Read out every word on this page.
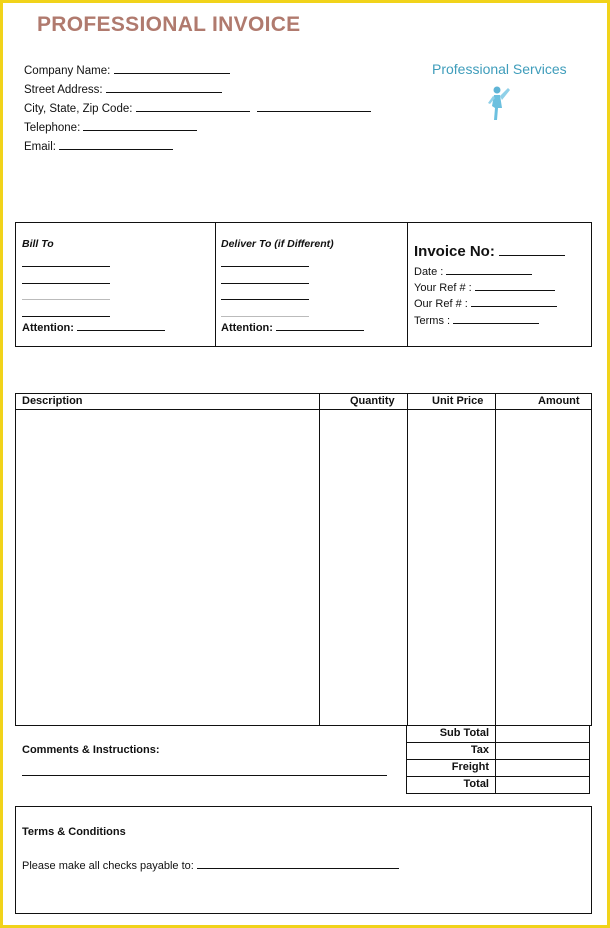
PROFESSIONAL INVOICE
Company Name:
Street Address:
City, State, Zip Code:
Telephone:
Email:
Professional Services
Bill To
Attention:
Deliver To (if Different)
Attention:
Invoice No:
Date :
Your Ref # :
Our Ref # :
Terms :
Description	Quantity	Unit Price	Amount
Sub Total
Tax
Freight
Total
Comments & Instructions:
Terms & Conditions
Please make all checks payable to:
